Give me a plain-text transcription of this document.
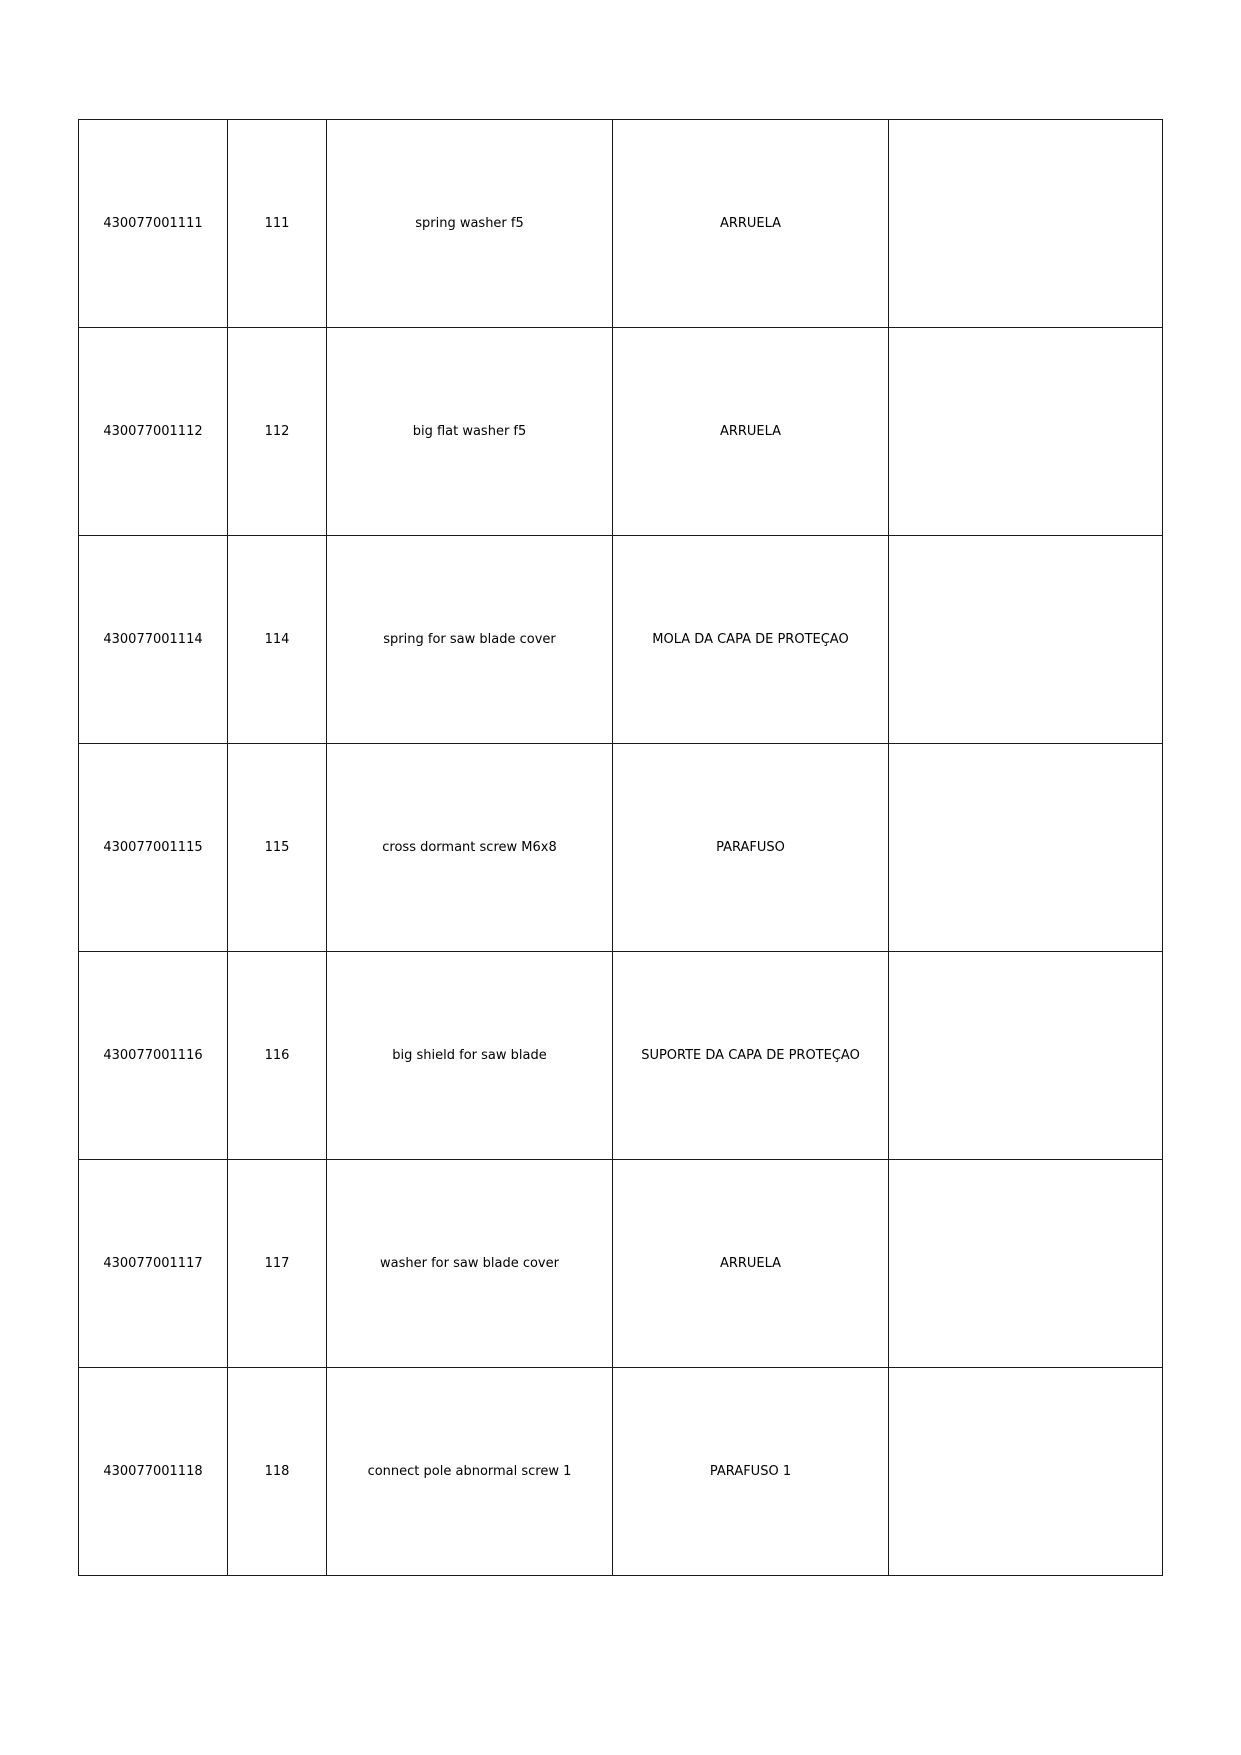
430077001111	111	spring washer f5	ARRUELA	
430077001112	112	big flat washer f5	ARRUELA	
430077001114	114	spring for saw blade cover	MOLA DA CAPA DE PROTEÇAO	
430077001115	115	cross dormant screw M6x8	PARAFUSO	
430077001116	116	big shield for saw blade	SUPORTE DA CAPA DE PROTEÇAO	
430077001117	117	washer for saw blade cover	ARRUELA	
430077001118	118	connect pole abnormal screw 1	PARAFUSO 1	
